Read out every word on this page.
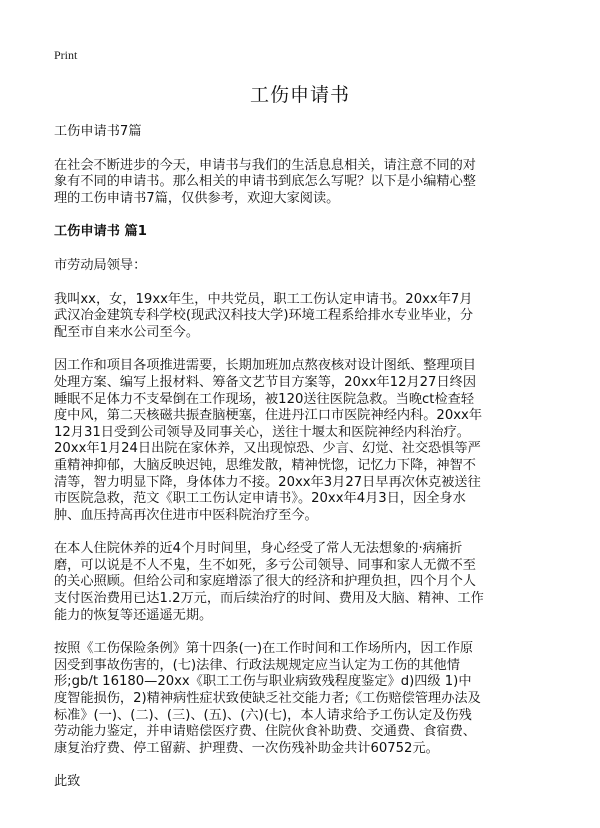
Print
工伤申请书

工伤申请书7篇

在社会不断进步的今天，申请书与我们的生活息息相关，请注意不同的对象有不同的申请书。那么相关的申请书到底怎么写呢？以下是小编精心整理的工伤申请书7篇，仅供参考，欢迎大家阅读。

工伤申请书 篇1

市劳动局领导：

我叫xx，女，19xx年生，中共党员，职工工伤认定申请书。20xx年7月武汉冶金建筑专科学校(现武汉科技大学)环境工程系给排水专业毕业，分配至市自来水公司至今。

因工作和项目各项推进需要，长期加班加点熬夜核对设计图纸、整理项目处理方案、编写上报材料、筹备文艺节目方案等，20xx年12月27日终因睡眠不足体力不支晕倒在工作现场，被120送往医院急救。当晚ct检查轻度中风，第二天核磁共振查脑梗塞，住进丹江口市医院神经内科。20xx年12月31日受到公司领导及同事关心，送往十堰太和医院神经内科治疗。20xx年1月24日出院在家休养，又出现惊恐、少言、幻觉、社交恐惧等严重精神抑郁，大脑反映迟钝，思维发散，精神恍惚，记忆力下降，神智不清等，智力明显下降，身体体力不接。20xx年3月27日早再次休克被送往市医院急救，范文《职工工伤认定申请书》。20xx年4月3日，因全身水肿、血压持高再次住进市中医科院治疗至今。

在本人住院休养的近4个月时间里，身心经受了常人无法想象的·病痛折磨，可以说是不人不鬼，生不如死，多亏公司领导、同事和家人无微不至的关心照顾。但给公司和家庭增添了很大的经济和护理负担，四个月个人支付医治费用已达1.2万元，而后续治疗的时间、费用及大脑、精神、工作能力的恢复等还遥遥无期。

按照《工伤保险条例》第十四条(一)在工作时间和工作场所内，因工作原因受到事故伤害的，(七)法律、行政法规规定应当认定为工伤的其他情形;gb/t 16180—20xx《职工工伤与职业病致残程度鉴定》d)四级 1)中度智能损伤，2)精神病性症状致使缺乏社交能力者;《工伤赔偿管理办法及标准》(一)、(二)、(三)、(五)、(六)(七)，本人请求给予工伤认定及伤残劳动能力鉴定，并申请赔偿医疗费、住院伙食补助费、交通费、食宿费、康复治疗费、停工留薪、护理费、一次伤残补助金共计60752元。

此致
